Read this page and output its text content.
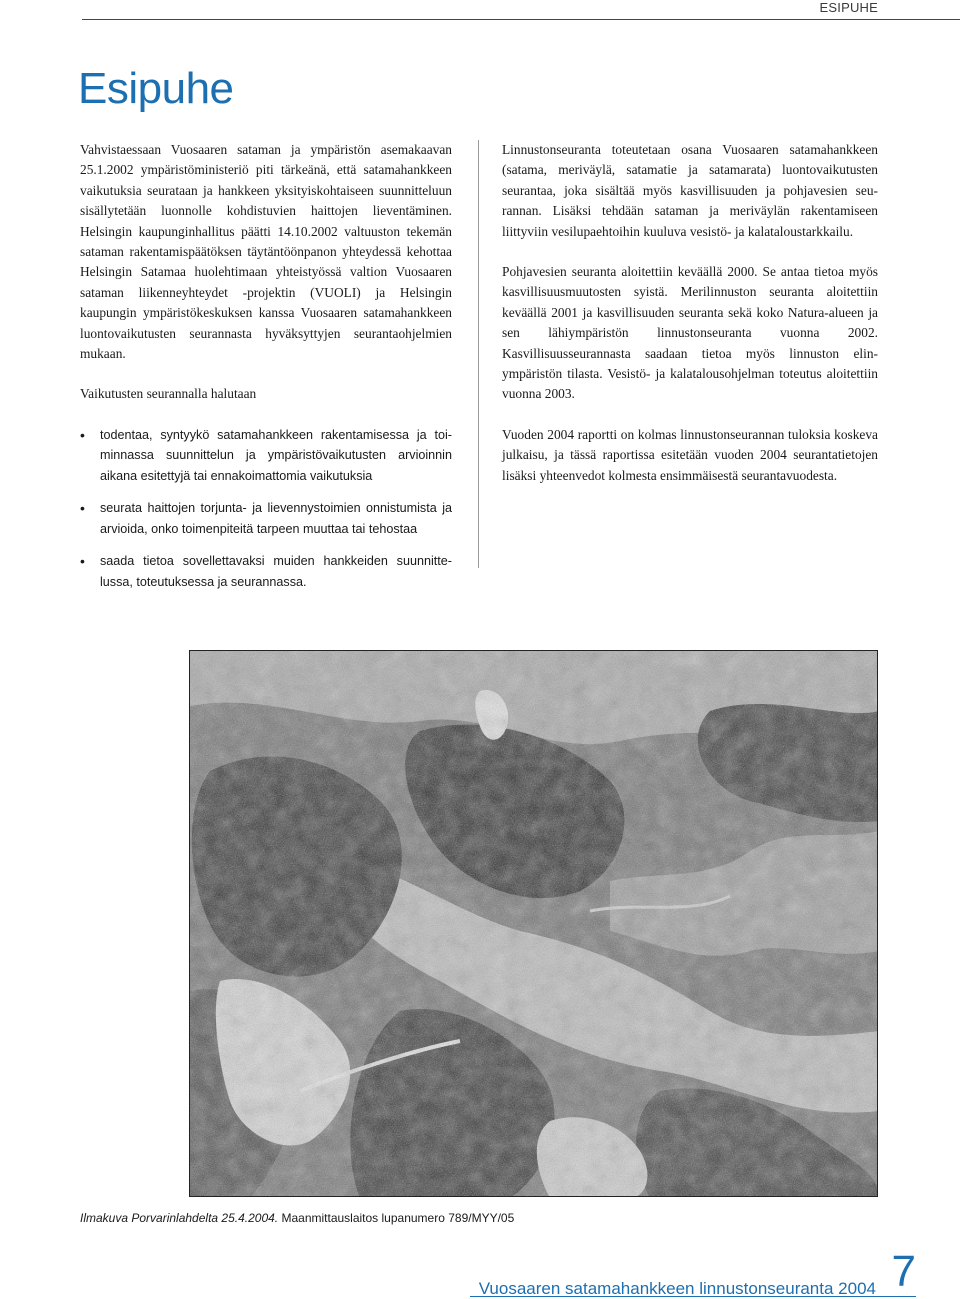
ESIPUHE
Esipuhe

Vahvistaessaan Vuosaaren sataman ja ympäristön asemakaavan 25.1.2002 ympäristöministeriö piti tärkeänä, että satamahankkeen vaikutuksia seurataan ja hankkeen yksityiskohtaiseen suunnitteluun sisällytetään luonnolle kohdistuvien haittojen lieventäminen. Helsingin kaupunginhallitus päätti 14.10.2002 valtuuston tekemän sataman rakentamispäätöksen täytäntöönpanon yhteydessä kehottaa Helsingin Satamaa huolehtimaan yhteistyössä valtion Vuosaaren sataman liikenneyhteydet -projektin (VUOLI) ja Helsingin kaupungin ympäristökeskuksen kanssa Vuosaaren satamahankkeen luontovaikutusten seurannasta hyväksyttyjen seurantaohjelmien mukaan.

Vaikutusten seurannalla halutaan

• todentaa, syntyykö satamahankkeen rakentamisessa ja toiminnassa suunnittelun ja ympäristövaikutusten arvioinnin aikana esitettyjä tai ennakoimattomia vaikutuksia
• seurata haittojen torjunta- ja lievennystoimien onnistumista ja arvioida, onko toimenpiteitä tarpeen muuttaa tai tehostaa
• saada tietoa sovellettavaksi muiden hankkeiden suunnittelussa, toteutuksessa ja seurannassa.

Linnustonseuranta toteutetaan osana Vuosaaren satamahankkeen (satama, meriväylä, satamatie ja satamarata) luontovaikutusten seurantaa, joka sisältää myös kasvillisuuden ja pohjavesien seurannan. Lisäksi tehdään sataman ja meriväylän rakentamiseen liittyviin vesilupaehtoihin kuuluva vesistö- ja kalataloustarkkailu.

Pohjavesien seuranta aloitettiin keväällä 2000. Se antaa tietoa myös kasvillisuusmuutosten syistä. Merilinnuston seuranta aloitettiin keväällä 2001 ja kasvillisuuden seuranta sekä koko Natura-alueen ja sen lähiympäristön linnustonseuranta vuonna 2002. Kasvillisuusseurannasta saadaan tietoa myös linnuston elinympäristön tilasta. Vesistö- ja kalatalousohjelman toteutus aloitettiin vuonna 2003.

Vuoden 2004 raportti on kolmas linnustonseurannan tuloksia koskeva julkaisu, ja tässä raportissa esitetään vuoden 2004 seurantatietojen lisäksi yhteenvedot kolmesta ensimmäisestä seurantavuodesta.

Ilmakuva Porvarinlahdelta 25.4.2004. Maanmittauslaitos lupanumero 789/MYY/05
Vuosaaren satamahankkeen linnustonseuranta 2004 7
